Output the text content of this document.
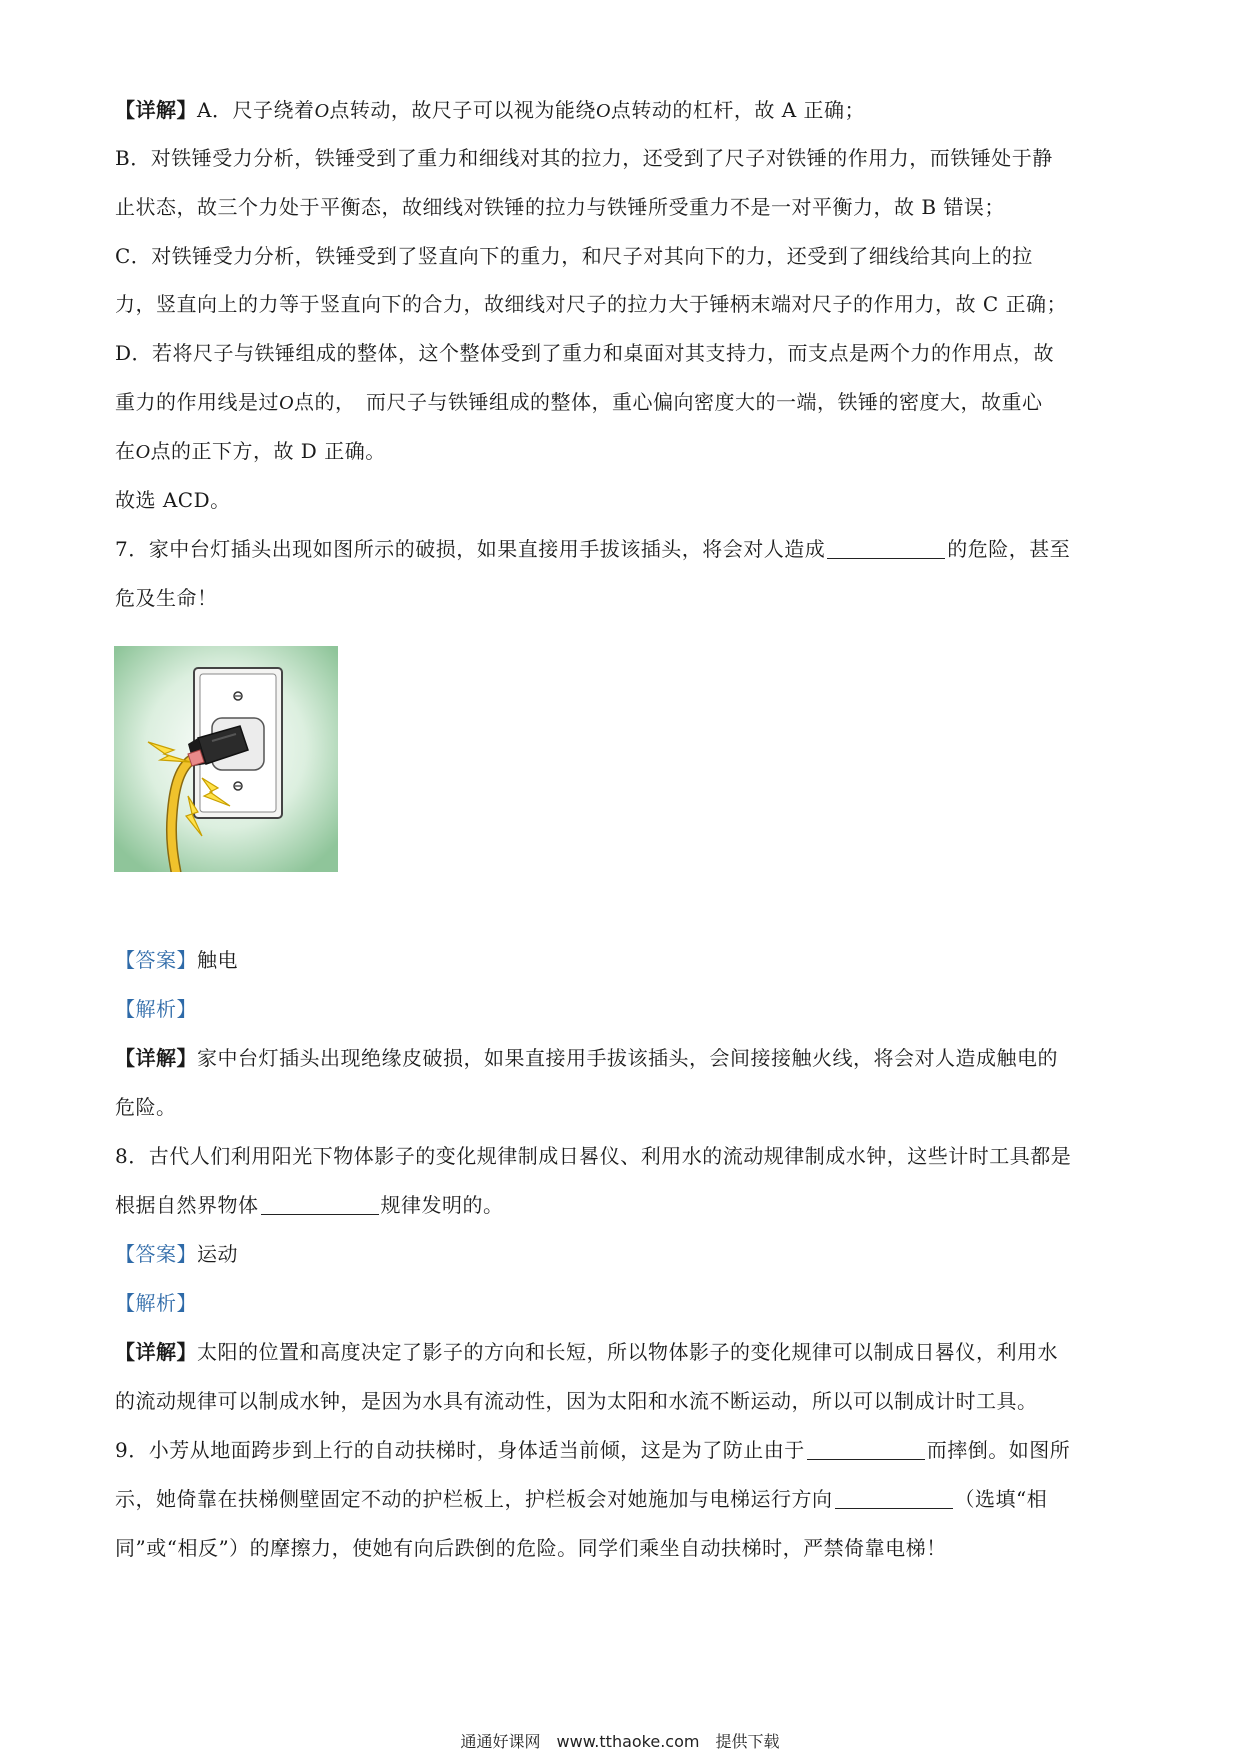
【详解】A．尺子绕着O点转动，故尺子可以视为能绕O点转动的杠杆，故 A 正确；
B．对铁锤受力分析，铁锤受到了重力和细线对其的拉力，还受到了尺子对铁锤的作用力，而铁锤处于静
止状态，故三个力处于平衡态，故细线对铁锤的拉力与铁锤所受重力不是一对平衡力，故 B 错误；
C．对铁锤受力分析，铁锤受到了竖直向下的重力，和尺子对其向下的力，还受到了细线给其向上的拉
力，竖直向上的力等于竖直向下的合力，故细线对尺子的拉力大于锤柄末端对尺子的作用力，故 C 正确；
D．若将尺子与铁锤组成的整体，这个整体受到了重力和桌面对其支持力，而支点是两个力的作用点，故
重力的作用线是过O点的，　而尺子与铁锤组成的整体，重心偏向密度大的一端，铁锤的密度大，故重心
在O点的正下方，故 D 正确。
故选 ACD。
7．家中台灯插头出现如图所示的破损，如果直接用手拔该插头，将会对人造成	的危险，甚至
危及生命！
【答案】触电
【解析】
【详解】家中台灯插头出现绝缘皮破损，如果直接用手拔该插头，会间接接触火线，将会对人造成触电的
危险。
8．古代人们利用阳光下物体影子的变化规律制成日晷仪、利用水的流动规律制成水钟，这些计时工具都是
根据自然界物体	规律发明的。
【答案】运动
【解析】
【详解】太阳的位置和高度决定了影子的方向和长短，所以物体影子的变化规律可以制成日晷仪，利用水
的流动规律可以制成水钟，是因为水具有流动性，因为太阳和水流不断运动，所以可以制成计时工具。
9．小芳从地面跨步到上行的自动扶梯时，身体适当前倾，这是为了防止由于	而摔倒。如图所
示，她倚靠在扶梯侧壁固定不动的护栏板上，护栏板会对她施加与电梯运行方向	（选填“相
同”或“相反”）的摩擦力，使她有向后跌倒的危险。同学们乘坐自动扶梯时，严禁倚靠电梯！
通通好课网　www.tthaoke.com　提供下载
